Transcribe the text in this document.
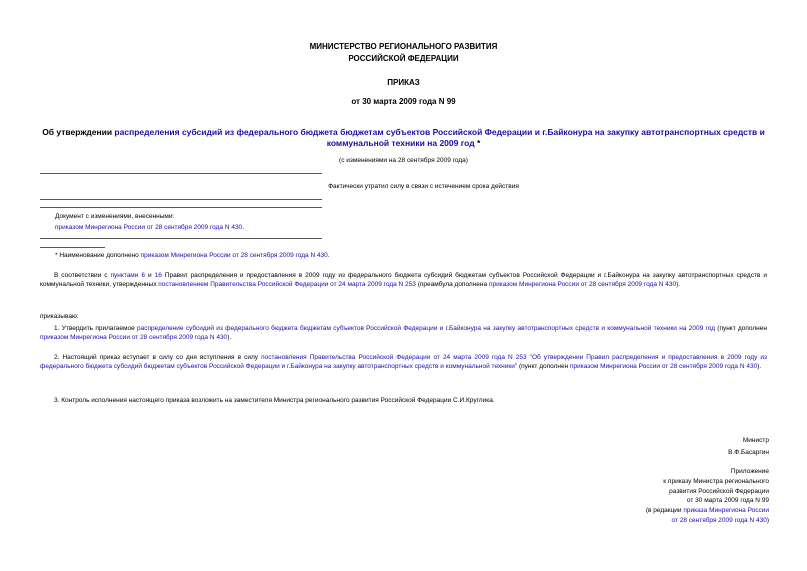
МИНИСТЕРСТВО РЕГИОНАЛЬНОГО РАЗВИТИЯ
РОССИЙСКОЙ ФЕДЕРАЦИИ
ПРИКАЗ
от 30 марта 2009 года N 99
Об утверждении распределения субсидий из федерального бюджета бюджетам субъектов Российской Федерации и г.Байконура на закупку автотранспортных средств и коммунальной техники на 2009 год *
(с изменениями на 28 сентября 2009 года)
Фактически утратил силу в связи с истечением срока действия
Документ с изменениями, внесенными:
приказом Минрегиона России от 28 сентября 2009 года N 430.
* Наименование дополнено приказом Минрегиона России от 28 сентября 2009 года N 430.
В соответствии с пунктами 6 и 16 Правил распределения и предоставления в 2009 году из федерального бюджета субсидий бюджетам субъектов Российской Федерации и г.Байконура на закупку автотранспортных средств и коммунальной техники, утвержденных постановлением Правительства Российской Федерации от 24 марта 2009 года N 253 (преамбула дополнена приказом Минрегиона России от 28 сентября 2009 года N 430).
приказываю:
1. Утвердить прилагаемое распределение субсидий из федерального бюджета бюджетам субъектов Российской Федерации и г.Байконура на закупку автотранспортных средств и коммунальной техники на 2009 год (пункт дополнен приказом Минрегиона России от 28 сентября 2009 года N 430).
2. Настоящий приказ вступает в силу со дня вступления в силу постановления Правительства Российской Федерации от 24 марта 2009 года N 253 "Об утверждении Правил распределения и предоставления в 2009 году из федерального бюджета субсидий бюджетам субъектов Российской Федерации и г.Байконура на закупку автотранспортных средств и коммунальной техники" (пункт дополнен приказом Минрегиона России от 28 сентября 2009 года N 430).
3. Контроль исполнения настоящего приказа возложить на заместителя Министра регионального развития Российской Федерации С.И.Круглика.
Министр
В.Ф.Басаргин
Приложение
к приказу Министра регионального
развития Российской Федерации
от 30 марта 2009 года N 99
(в редакции приказа Минрегиона России
от 28 сентября 2009 года N 430)
